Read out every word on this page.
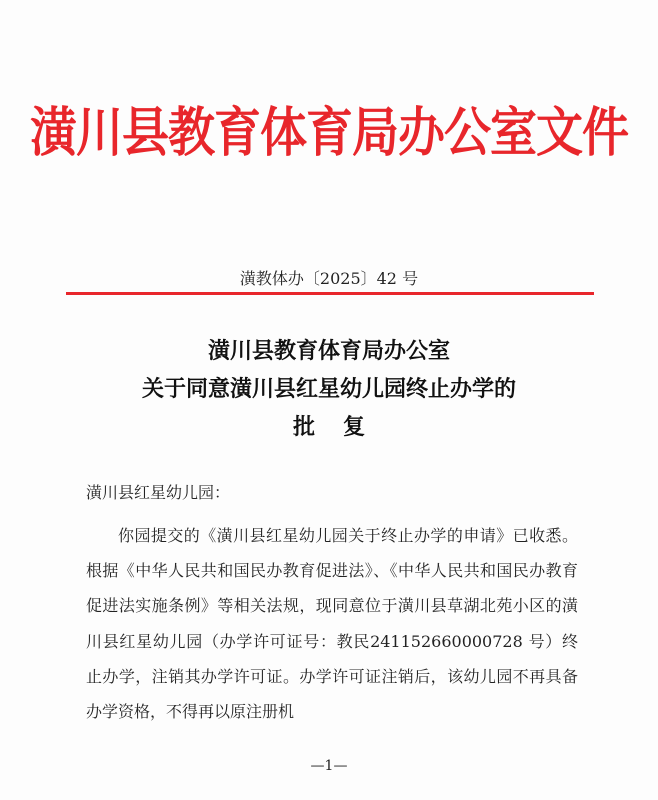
潢川县教育体育局办公室文件
潢教体办〔2025〕42 号
潢川县教育体育局办公室
关于同意潢川县红星幼儿园终止办学的
批复
潢川县红星幼儿园：
你园提交的《潢川县红星幼儿园关于终止办学的申请》已收悉。根据《中华人民共和国民办教育促进法》、《中华人民共和国民办教育促进法实施条例》等相关法规，现同意位于潢川县草湖北苑小区的潢川县红星幼儿园（办学许可证号：教民241152660000728 号）终止办学，注销其办学许可证。办学许可证注销后，该幼儿园不再具备办学资格，不得再以原注册机
—1—
